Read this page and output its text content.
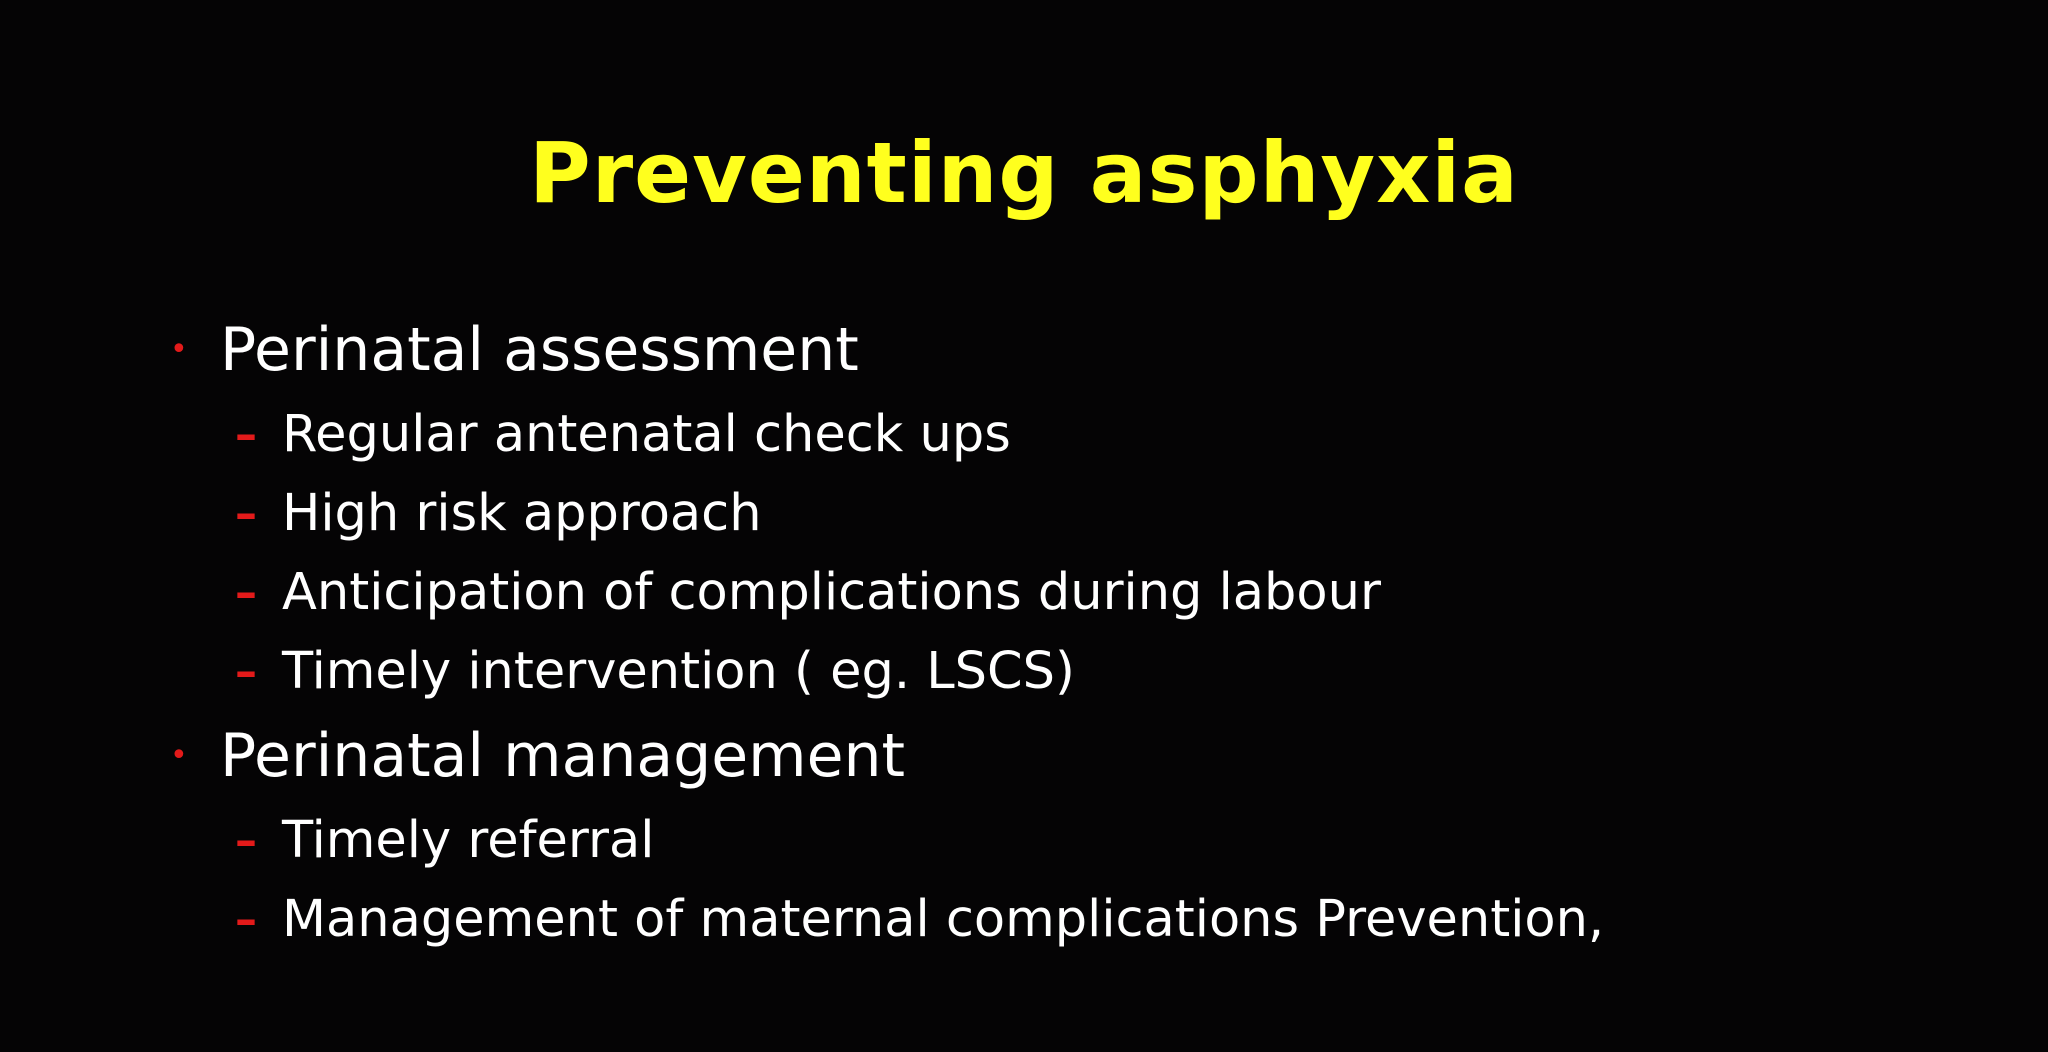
Preventing asphyxia
• Perinatal assessment
– Regular antenatal check ups
– High risk approach
– Anticipation of complications during labour
– Timely intervention ( eg. LSCS)
• Perinatal management
– Timely referral
– Management of maternal complications Prevention,
